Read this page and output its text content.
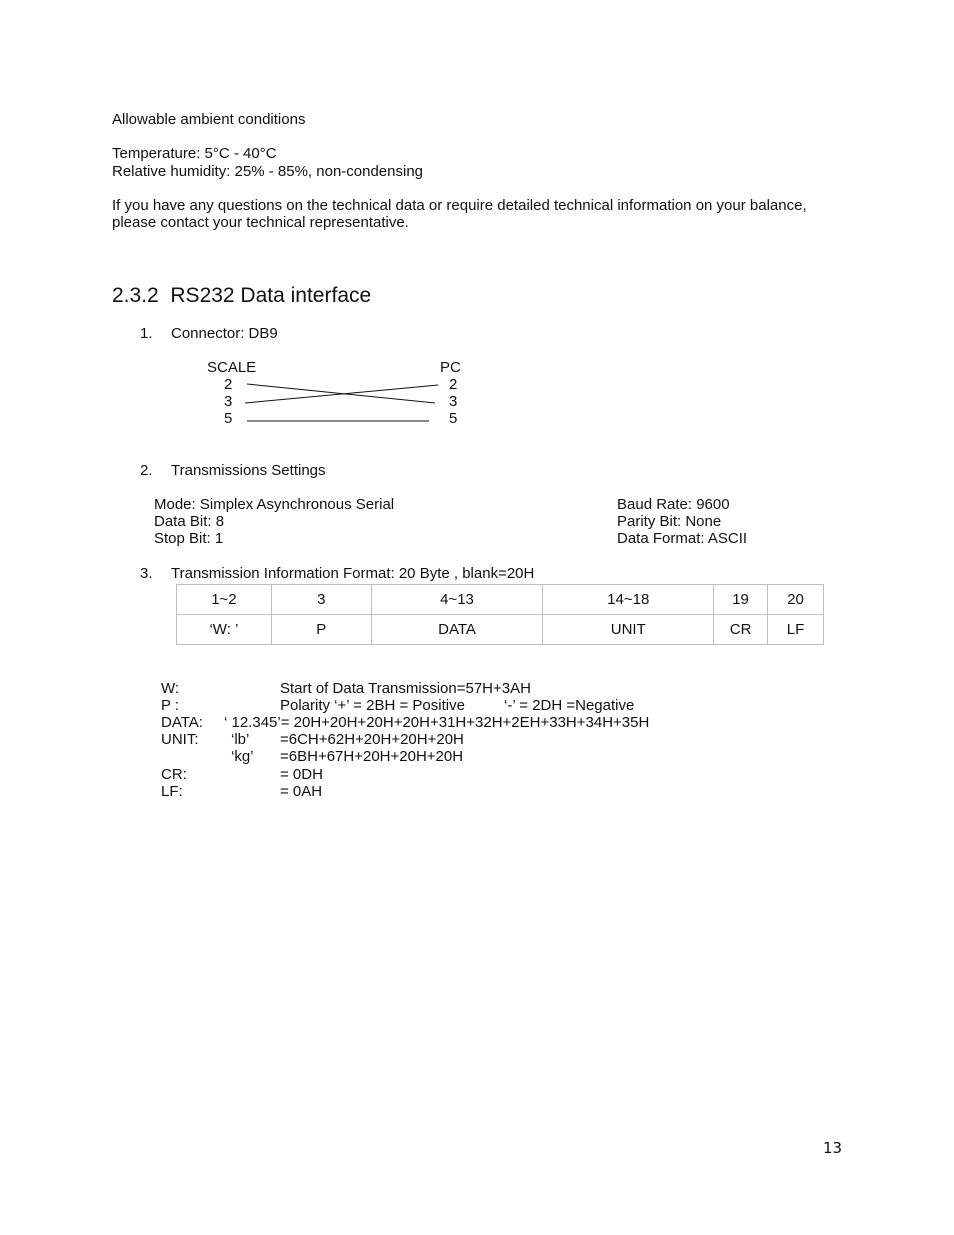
Allowable ambient conditions
Temperature: 5°C - 40°C
Relative humidity: 25% - 85%, non-condensing
If you have any questions on the technical data or require detailed technical information on your balance,
please contact your technical representative.
2.3.2 RS232 Data interface
1. Connector: DB9
SCALE	PC
2
3
5
2
3
5
2. Transmissions Settings
Mode: Simplex Asynchronous Serial
Data Bit: 8
Stop Bit: 1
Baud Rate: 9600
Parity Bit: None
Data Format: ASCII
3. Transmission Information Format: 20 Byte , blank=20H
1~2	3	4~13	14~18	19	20
‘W: ’	P	DATA	UNIT	CR	LF
W:	Start of Data Transmission=57H+3AH
P :	Polarity ‘+’ = 2BH = Positive	‘-’ = 2DH =Negative
DATA: ‘ 12.345’= 20H+20H+20H+20H+31H+32H+2EH+33H+34H+35H
UNIT: ‘lb’ =6CH+62H+20H+20H+20H
‘kg’ =6BH+67H+20H+20H+20H
CR:	= 0DH
LF:	= 0AH
13
